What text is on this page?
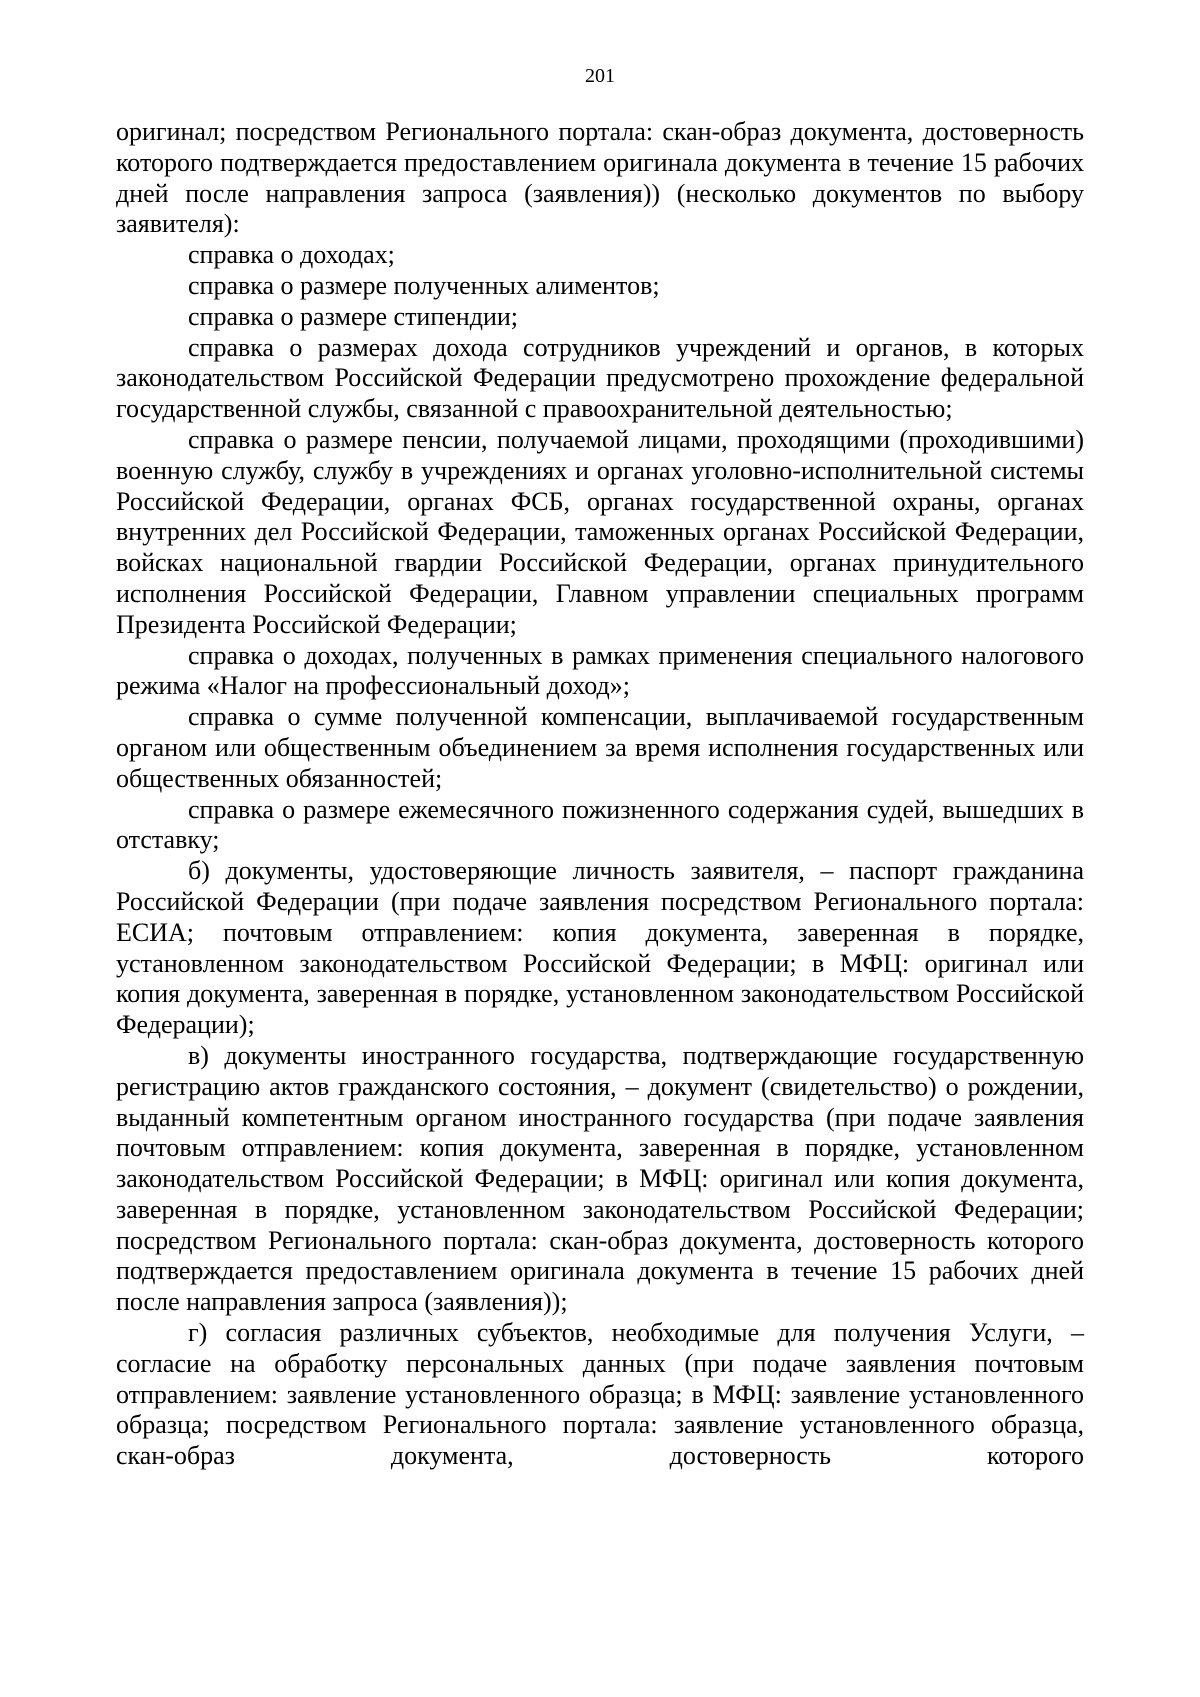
201

оригинал; посредством Регионального портала: скан-образ документа, достоверность которого подтверждается предоставлением оригинала документа в течение 15 рабочих дней после направления запроса (заявления)) (несколько документов по выбору заявителя):

справка о доходах;

справка о размере полученных алиментов;

справка о размере стипендии;

справка о размерах дохода сотрудников учреждений и органов, в которых законодательством Российской Федерации предусмотрено прохождение федеральной государственной службы, связанной с правоохранительной деятельностью;

справка о размере пенсии, получаемой лицами, проходящими (проходившими) военную службу, службу в учреждениях и органах уголовно-исполнительной системы Российской Федерации, органах ФСБ, органах государственной охраны, органах внутренних дел Российской Федерации, таможенных органах Российской Федерации, войсках национальной гвардии Российской Федерации, органах принудительного исполнения Российской Федерации, Главном управлении специальных программ Президента Российской Федерации;

справка о доходах, полученных в рамках применения специального налогового режима «Налог на профессиональный доход»;

справка о сумме полученной компенсации, выплачиваемой государственным органом или общественным объединением за время исполнения государственных или общественных обязанностей;

справка о размере ежемесячного пожизненного содержания судей, вышедших в отставку;

б) документы, удостоверяющие личность заявителя, – паспорт гражданина Российской Федерации (при подаче заявления посредством Регионального портала: ЕСИА; почтовым отправлением: копия документа, заверенная в порядке, установленном законодательством Российской Федерации; в МФЦ: оригинал или копия документа, заверенная в порядке, установленном законодательством Российской Федерации);

в) документы иностранного государства, подтверждающие государственную регистрацию актов гражданского состояния, – документ (свидетельство) о рождении, выданный компетентным органом иностранного государства (при подаче заявления почтовым отправлением: копия документа, заверенная в порядке, установленном законодательством Российской Федерации; в МФЦ: оригинал или копия документа, заверенная в порядке, установленном законодательством Российской Федерации; посредством Регионального портала: скан-образ документа, достоверность которого подтверждается предоставлением оригинала документа в течение 15 рабочих дней после направления запроса (заявления));

г) согласия различных субъектов, необходимые для получения Услуги, – согласие на обработку персональных данных (при подаче заявления почтовым отправлением: заявление установленного образца; в МФЦ: заявление установленного образца; посредством Регионального портала: заявление установленного образца, скан-образ документа, достоверность которого
